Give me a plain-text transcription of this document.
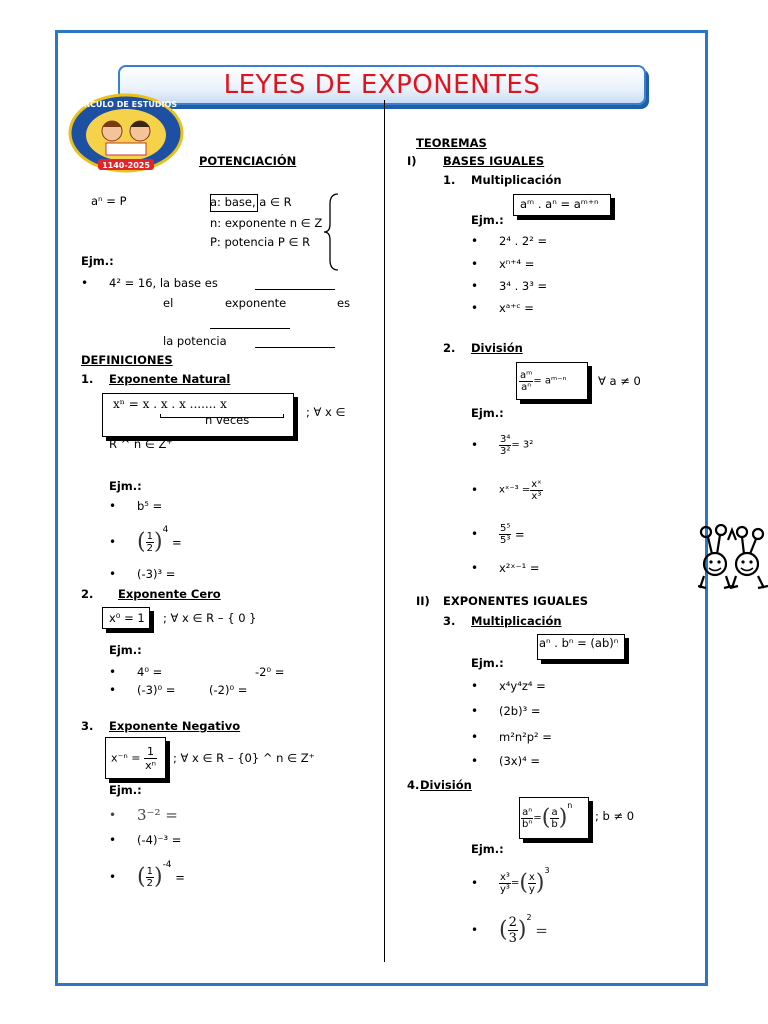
LEYES DE EXPONENTES
CIRCULO DE ESTUDIOS
1140-2025	POTENCIACIÓN
aⁿ = P	a: base, a ∈ R
n: exponente n ∈ Z
P: potencia P ∈ R
Ejm.:
• 4² = 16, la base es
el	exponente	es
la potencia
DEFINICIONES
1. Exponente Natural
xⁿ = x . x . x ....... x
n veces
; ∀ x ∈
R ^ n ∈ Z⁺
Ejm.:
• b⁵ =
• ( $\frac{1}{2} )^4$ =
• (-3)³ =
2. Exponente Cero
x⁰ = 1 ; ∀ x ∈ R – { 0 }
Ejm.:
• 4⁰ =	-2⁰ =
• (-3)⁰ =	(-2)⁰ =
3. Exponente Negativo
$x^{-n} = \frac{1}{\text{xⁿ}}$ ; ∀ x ∈ R – {0} ^ n ∈ Z⁺
Ejm.:
• 3⁻² =
• (-4)⁻³ =
• ( $\frac{1}{2} )^{-4}$ =
TEOREMAS
I) BASES IGUALES
1. Multiplicación
aᵐ . aⁿ = aᵐ⁺ⁿ
Ejm.:
• 2⁴ . 2² =
• xⁿ⁺⁴ =
• 3⁴ . 3³ =
• xᵃ⁺ᶜ =
2. División
$\frac{\text{aᵐ}}{\text{aⁿ}}$ = aᵐ⁻ⁿ	∀ a ≠ 0
Ejm.:
• $\frac{\text{3⁴}}{\text{3²}} = 3^2$
• xˣ⁻³ = $\frac{\text{xˣ}}{\text{x³}}$
• $\frac{\text{5⁵}}{\text{5³}}$ =
• x²ˣ⁻¹ =
II) EXPONENTES IGUALES
3. Multiplicación
aⁿ . bⁿ = (ab)ⁿ
Ejm.:
• x⁴y⁴z⁴ =
• (2b)³ =
• m²n²p² =
• (3x)⁴ =
4. División
$\frac{\text{aⁿ}}{\text{bⁿ}}$ =( $\frac{a}{b} )^n$
; b ≠ 0
Ejm.:
• $\frac{\text{x³}}{\text{y³}}$ =( $\frac{x}{y} )^3$
• ( $\frac{2}{3} )^2$ =
